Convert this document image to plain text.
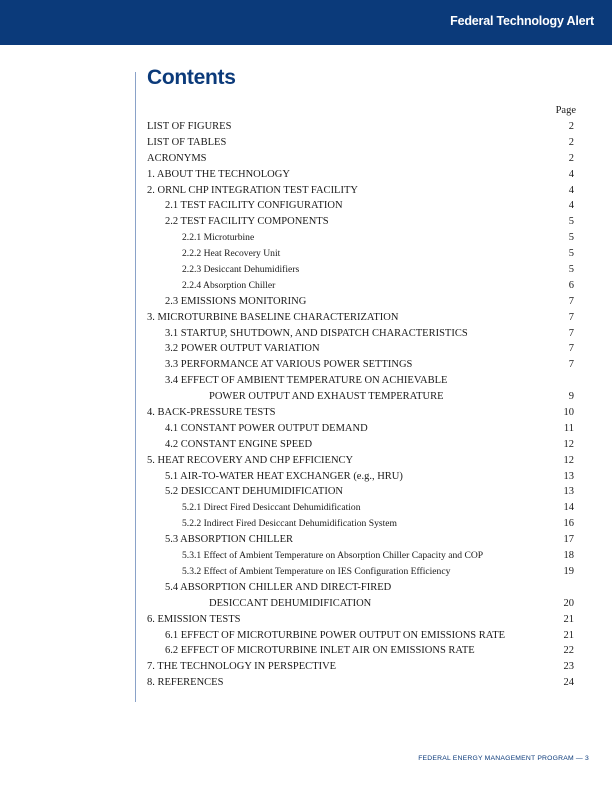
Federal Technology Alert
Contents
Page
LIST OF FIGURES	2
LIST OF TABLES	2
ACRONYMS	2
1. ABOUT THE TECHNOLOGY	4
2. ORNL CHP INTEGRATION TEST FACILITY	4
2.1 TEST FACILITY CONFIGURATION	4
2.2 TEST FACILITY COMPONENTS	5
2.2.1 Microturbine	5
2.2.2 Heat Recovery Unit	5
2.2.3 Desiccant Dehumidifiers	5
2.2.4 Absorption Chiller	6
2.3 EMISSIONS MONITORING	7
3. MICROTURBINE BASELINE CHARACTERIZATION	7
3.1 STARTUP, SHUTDOWN, AND DISPATCH CHARACTERISTICS	7
3.2 POWER OUTPUT VARIATION	7
3.3 PERFORMANCE AT VARIOUS POWER SETTINGS	7
3.4 EFFECT OF AMBIENT TEMPERATURE ON ACHIEVABLE
POWER OUTPUT AND EXHAUST TEMPERATURE	9
4. BACK-PRESSURE TESTS	10
4.1 CONSTANT POWER OUTPUT DEMAND	11
4.2 CONSTANT ENGINE SPEED	12
5. HEAT RECOVERY AND CHP EFFICIENCY	12
5.1 AIR-TO-WATER HEAT EXCHANGER (e.g., HRU)	13
5.2 DESICCANT DEHUMIDIFICATION	13
5.2.1 Direct Fired Desiccant Dehumidification	14
5.2.2 Indirect Fired Desiccant Dehumidification System	16
5.3 ABSORPTION CHILLER	17
5.3.1 Effect of Ambient Temperature on Absorption Chiller Capacity and COP	18
5.3.2 Effect of Ambient Temperature on IES Configuration Efficiency	19
5.4 ABSORPTION CHILLER AND DIRECT-FIRED
DESICCANT DEHUMIDIFICATION	20
6. EMISSION TESTS	21
6.1 EFFECT OF MICROTURBINE POWER OUTPUT ON EMISSIONS RATE	21
6.2 EFFECT OF MICROTURBINE INLET AIR ON EMISSIONS RATE	22
7. THE TECHNOLOGY IN PERSPECTIVE	23
8. REFERENCES	24
FEDERAL ENERGY MANAGEMENT PROGRAM — 3
